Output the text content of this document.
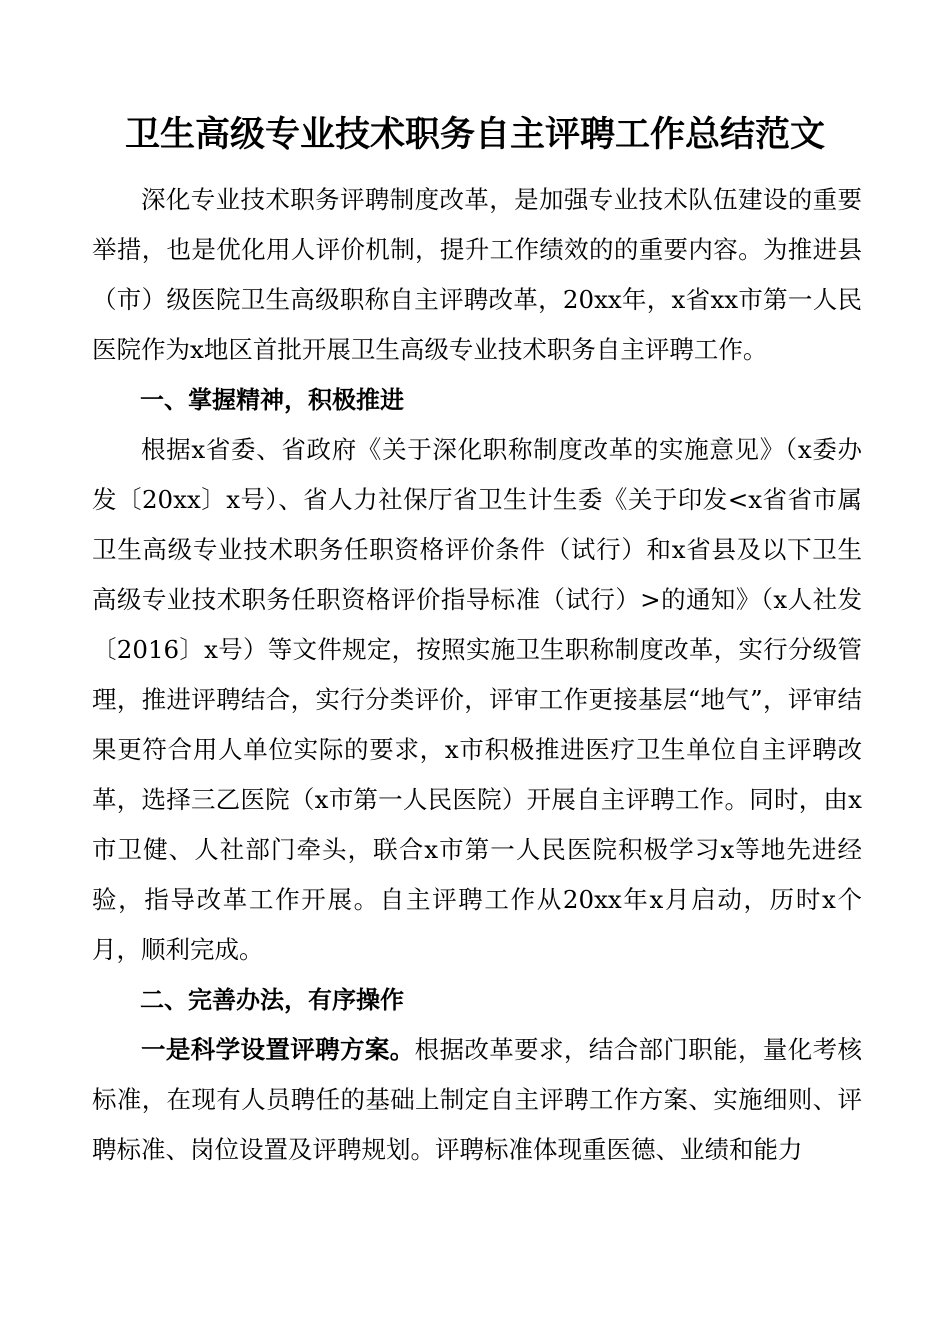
卫生高级专业技术职务自主评聘工作总结范文

深化专业技术职务评聘制度改革，是加强专业技术队伍建设的重要举措，也是优化用人评价机制，提升工作绩效的的重要内容。为推进县（市）级医院卫生高级职称自主评聘改革，20xx年，x省xx市第一人民医院作为x地区首批开展卫生高级专业技术职务自主评聘工作。

一、掌握精神，积极推进

根据x省委、省政府《关于深化职称制度改革的实施意见》（x委办发〔20xx〕x号）、省人力社保厅省卫生计生委《关于印发<x省省市属卫生高级专业技术职务任职资格评价条件（试行）和x省县及以下卫生高级专业技术职务任职资格评价指导标准（试行）>的通知》（x人社发〔2016〕x号）等文件规定，按照实施卫生职称制度改革，实行分级管理，推进评聘结合，实行分类评价，评审工作更接基层“地气”，评审结果更符合用人单位实际的要求，x市积极推进医疗卫生单位自主评聘改革，选择三乙医院（x市第一人民医院）开展自主评聘工作。同时，由x市卫健、人社部门牵头，联合x市第一人民医院积极学习x等地先进经验，指导改革工作开展。自主评聘工作从20xx年x月启动，历时x个月，顺利完成。

二、完善办法，有序操作

一是科学设置评聘方案。根据改革要求，结合部门职能，量化考核标准，在现有人员聘任的基础上制定自主评聘工作方案、实施细则、评聘标准、岗位设置及评聘规划。评聘标准体现重医德、业绩和能力
